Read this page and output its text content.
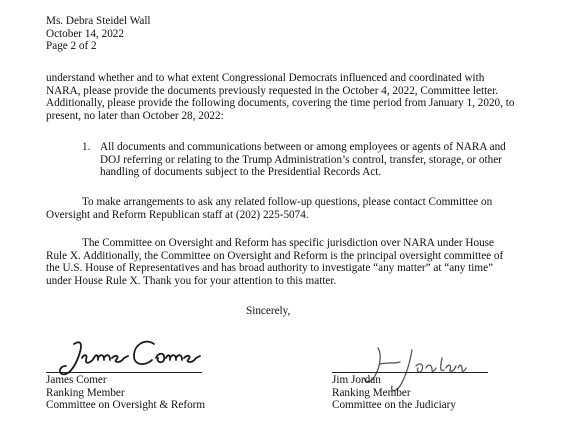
Ms. Debra Steidel Wall
October 14, 2022
Page 2 of 2
understand whether and to what extent Congressional Democrats influenced and coordinated with NARA, please provide the documents previously requested in the October 4, 2022, Committee letter. Additionally, please provide the following documents, covering the time period from January 1, 2020, to present, no later than October 28, 2022:
1. All documents and communications between or among employees or agents of NARA and DOJ referring or relating to the Trump Administration’s control, transfer, storage, or other handling of documents subject to the Presidential Records Act.
To make arrangements to ask any related follow-up questions, please contact Committee on Oversight and Reform Republican staff at (202) 225-5074.
The Committee on Oversight and Reform has specific jurisdiction over NARA under House Rule X. Additionally, the Committee on Oversight and Reform is the principal oversight committee of the U.S. House of Representatives and has broad authority to investigate “any matter” at “any time” under House Rule X. Thank you for your attention to this matter.
Sincerely,
James Comer
Ranking Member
Committee on Oversight & Reform
Jim Jordan
Ranking Member
Committee on the Judiciary
